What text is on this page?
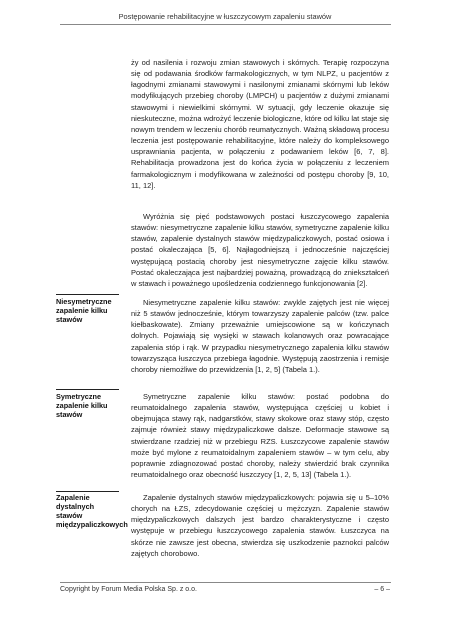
Postępowanie rehabilitacyjne w łuszczycowym zapaleniu stawów

ży od nasilenia i rozwoju zmian stawowych i skórnych. Terapię rozpoczyna się od podawania środków farmakologicznych, w tym NLPZ, u pacjentów z łagodnymi zmianami stawowymi i nasilonymi zmianami skórnymi lub leków modyfikujących przebieg choroby (LMPCH) u pacjentów z dużymi zmianami stawowymi i niewielkimi skórnymi. W sytuacji, gdy leczenie okazuje się nieskuteczne, można wdrożyć leczenie biologiczne, które od kilku lat staje się nowym trendem w leczeniu chorób reumatycznych. Ważną składową procesu leczenia jest postępowanie rehabilitacyjne, które należy do kompleksowego usprawniania pacjenta, w połączeniu z podawaniem leków [6, 7, 8]. Rehabilitacja prowadzona jest do końca życia w połączeniu z leczeniem farmakologicznym i modyfikowana w zależności od postępu choroby [9, 10, 11, 12].

Wyróżnia się pięć podstawowych postaci łuszczycowego zapalenia stawów: niesymetryczne zapalenie kilku stawów, symetryczne zapalenie kilku stawów, zapalenie dystalnych stawów międzypaliczkowych, postać osiowa i postać okaleczająca [5, 6]. Najłagodniejszą i jednocześnie najczęściej występującą postacią choroby jest niesymetryczne zajęcie kilku stawów. Postać okaleczająca jest najbardziej poważną, prowadzącą do zniekształceń w stawach i poważnego upośledzenia codziennego funkcjonowania [2].

Niesymetryczne zapalenie kilku stawów

Niesymetryczne zapalenie kilku stawów: zwykle zajętych jest nie więcej niż 5 stawów jednocześnie, którym towarzyszy zapalenie palców (tzw. palce kiełbaskowate). Zmiany przeważnie umiejscowione są w kończynach dolnych. Pojawiają się wysięki w stawach kolanowych oraz powracające zapalenia stóp i rąk. W przypadku niesymetrycznego zapalenia kilku stawów towarzysząca łuszczyca przebiega łagodnie. Występują zaostrzenia i remisje choroby niemożliwe do przewidzenia [1, 2, 5] (Tabela 1.).

Symetryczne zapalenie kilku stawów

Symetryczne zapalenie kilku stawów: postać podobna do reumatoidalnego zapalenia stawów, występująca częściej u kobiet i obejmująca stawy rąk, nadgarstków, stawy skokowe oraz stawy stóp, często zajmuje również stawy międzypaliczkowe dalsze. Deformacje stawowe są stwierdzane rzadziej niż w przebiegu RZS. Łuszczycowe zapalenie stawów może być mylone z reumatoidalnym zapaleniem stawów – w tym celu, aby poprawnie zdiagnozować postać choroby, należy stwierdzić brak czynnika reumatoidalnego oraz obecność łuszczycy [1, 2, 5, 13] (Tabela 1.).

Zapalenie dystalnych stawów międzypaliczkowych

Zapalenie dystalnych stawów międzypaliczkowych: pojawia się u 5–10% chorych na ŁZS, zdecydowanie częściej u mężczyzn. Zapalenie stawów międzypaliczkowych dalszych jest bardzo charakterystyczne i często występuje w przebiegu łuszczycowego zapalenia stawów. Łuszczyca na skórze nie zawsze jest obecna, stwierdza się uszkodzenie paznokci palców zajętych chorobowo.

Copyright by Forum Media Polska Sp. z o.o.	– 6 –
